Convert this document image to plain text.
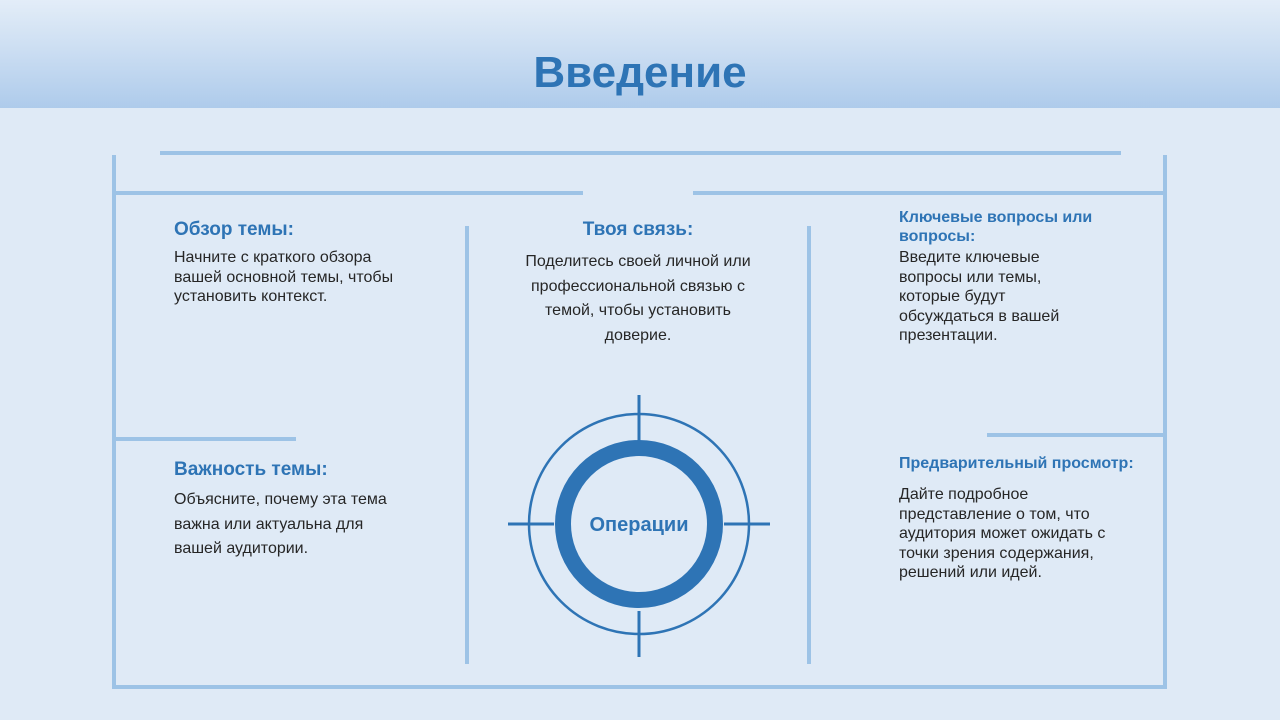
Введение
Обзор темы:
Начните с краткого обзора вашей основной темы, чтобы установить контекст.
Важность темы:
Объясните, почему эта тема важна или актуальна для вашей аудитории.
Твоя связь:
Поделитесь своей личной или профессиональной связью с темой, чтобы установить доверие.
Операции
Ключевые вопросы или вопросы:
Введите ключевые вопросы или темы, которые будут обсуждаться в вашей презентации.
Предварительный просмотр:
Дайте подробное представление о том, что аудитория может ожидать с точки зрения содержания, решений или идей.
